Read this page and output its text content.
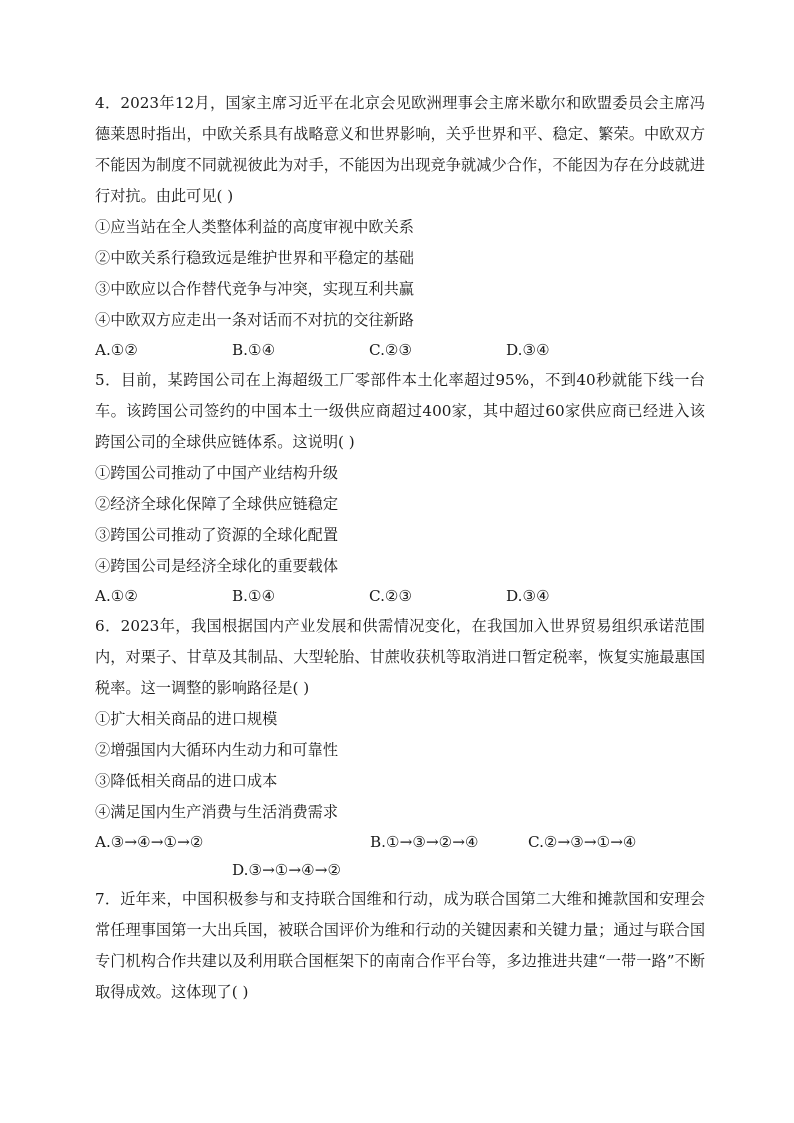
4．2023年12月，国家主席习近平在北京会见欧洲理事会主席米歇尔和欧盟委员会主席冯德莱恩时指出，中欧关系具有战略意义和世界影响，关乎世界和平、稳定、繁荣。中欧双方不能因为制度不同就视彼此为对手，不能因为出现竞争就减少合作，不能因为存在分歧就进行对抗。由此可见( )

①应当站在全人类整体利益的高度审视中欧关系

②中欧关系行稳致远是维护世界和平稳定的基础

③中欧应以合作替代竞争与冲突，实现互利共赢

④中欧双方应走出一条对话而不对抗的交往新路

A.①②	B.①④	C.②③	D.③④

5．目前，某跨国公司在上海超级工厂零部件本土化率超过95%，不到40秒就能下线一台车。该跨国公司签约的中国本土一级供应商超过400家，其中超过60家供应商已经进入该跨国公司的全球供应链体系。这说明( )

①跨国公司推动了中国产业结构升级

②经济全球化保障了全球供应链稳定

③跨国公司推动了资源的全球化配置

④跨国公司是经济全球化的重要载体

A.①②	B.①④	C.②③	D.③④

6．2023年，我国根据国内产业发展和供需情况变化，在我国加入世界贸易组织承诺范围内，对栗子、甘草及其制品、大型轮胎、甘蔗收获机等取消进口暂定税率，恢复实施最惠国税率。这一调整的影响路径是( )

①扩大相关商品的进口规模

②增强国内大循环内生动力和可靠性

③降低相关商品的进口成本

④满足国内生产消费与生活消费需求

A.③→④→①→②	B.①→③→②→④	C.②→③→①→④
D.③→①→④→②

7．近年来，中国积极参与和支持联合国维和行动，成为联合国第二大维和摊款国和安理会常任理事国第一大出兵国，被联合国评价为维和行动的关键因素和关键力量；通过与联合国专门机构合作共建以及利用联合国框架下的南南合作平台等，多边推进共建“一带一路”不断取得成效。这体现了( )
